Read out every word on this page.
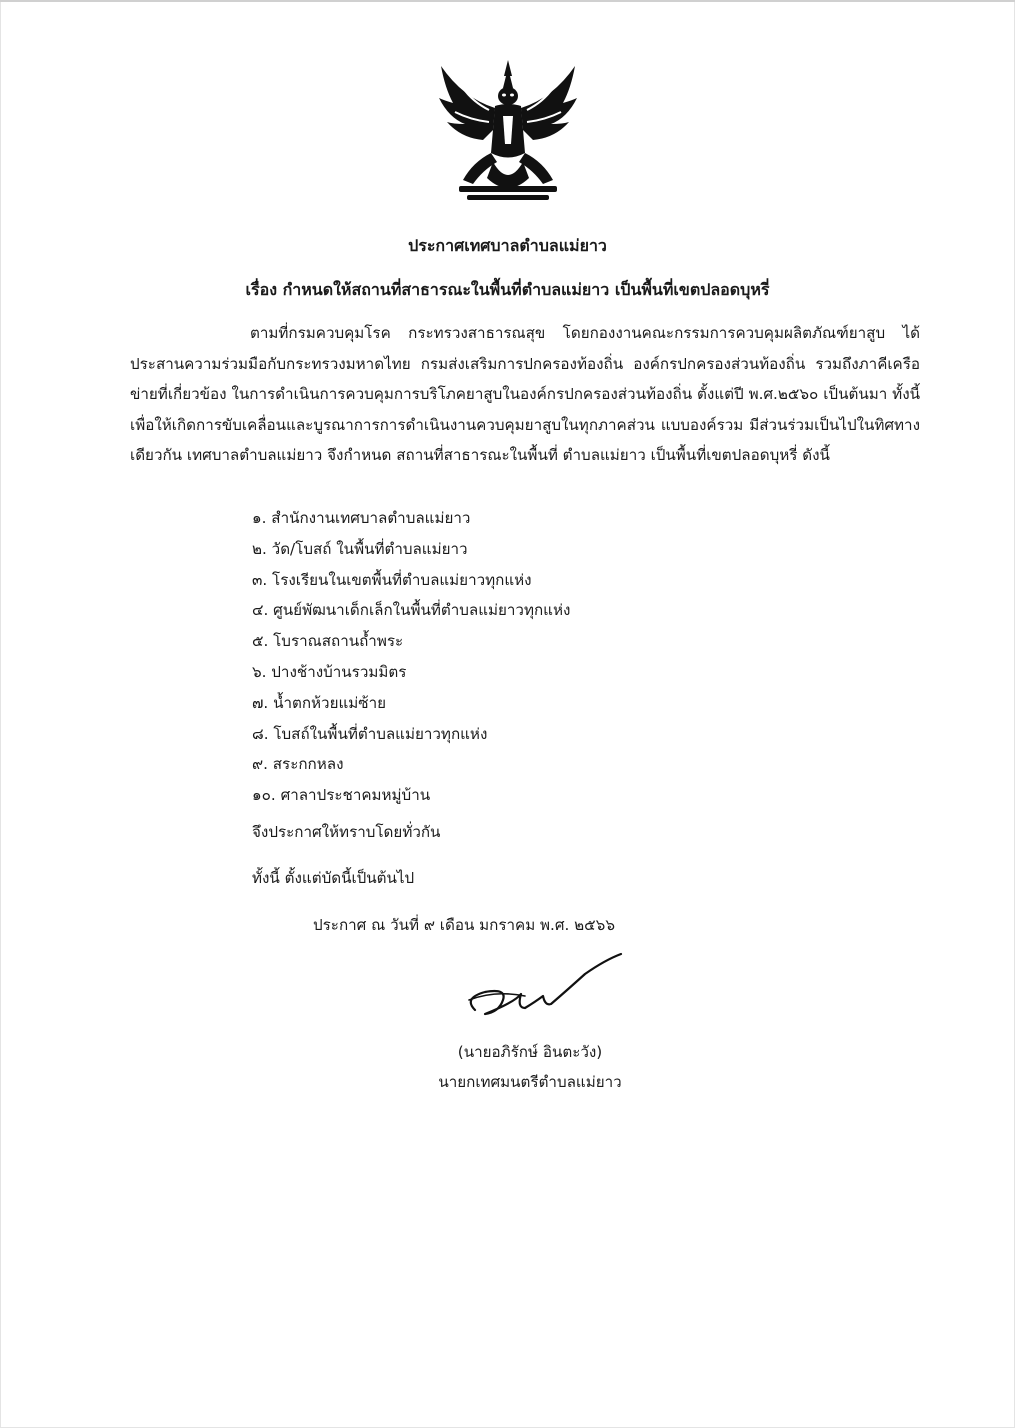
ประกาศเทศบาลตำบลแม่ยาว
เรื่อง กำหนดให้สถานที่สาธารณะในพื้นที่ตำบลแม่ยาว เป็นพื้นที่เขตปลอดบุหรี่
ตามที่กรมควบคุมโรค กระทรวงสาธารณสุข โดยกองงานคณะกรรมการควบคุมผลิตภัณฑ์ยาสูบ ได้ประสานความร่วมมือกับกระทรวงมหาดไทย กรมส่งเสริมการปกครองท้องถิ่น องค์กรปกครองส่วนท้องถิ่น รวมถึงภาคีเครือข่ายที่เกี่ยวข้อง ในการดำเนินการควบคุมการบริโภคยาสูบในองค์กรปกครองส่วนท้องถิ่น ตั้งแต่ปี พ.ศ.๒๕๖๐ เป็นต้นมา ทั้งนี้เพื่อให้เกิดการขับเคลื่อนและบูรณาการการดำเนินงานควบคุมยาสูบในทุกภาคส่วน แบบองค์รวม มีส่วนร่วมเป็นไปในทิศทางเดียวกัน เทศบาลตำบลแม่ยาว จึงกำหนด สถานที่สาธารณะในพื้นที่ ตำบลแม่ยาว เป็นพื้นที่เขตปลอดบุหรี่ ดังนี้
๑. สำนักงานเทศบาลตำบลแม่ยาว
๒. วัด/โบสถ์ ในพื้นที่ตำบลแม่ยาว
๓. โรงเรียนในเขตพื้นที่ตำบลแม่ยาวทุกแห่ง
๔. ศูนย์พัฒนาเด็กเล็กในพื้นที่ตำบลแม่ยาวทุกแห่ง
๕. โบราณสถานถ้ำพระ
๖. ปางช้างบ้านรวมมิตร
๗. น้ำตกห้วยแม่ซ้าย
๘. โบสถ์ในพื้นที่ตำบลแม่ยาวทุกแห่ง
๙. สระกกหลง
๑๐. ศาลาประชาคมหมู่บ้าน
จึงประกาศให้ทราบโดยทั่วกัน
ทั้งนี้ ตั้งแต่บัดนี้เป็นต้นไป
ประกาศ ณ วันที่ ๙ เดือน มกราคม พ.ศ. ๒๕๖๖
(นายอภิรักษ์ อินตะวัง)
นายกเทศมนตรีตำบลแม่ยาว
